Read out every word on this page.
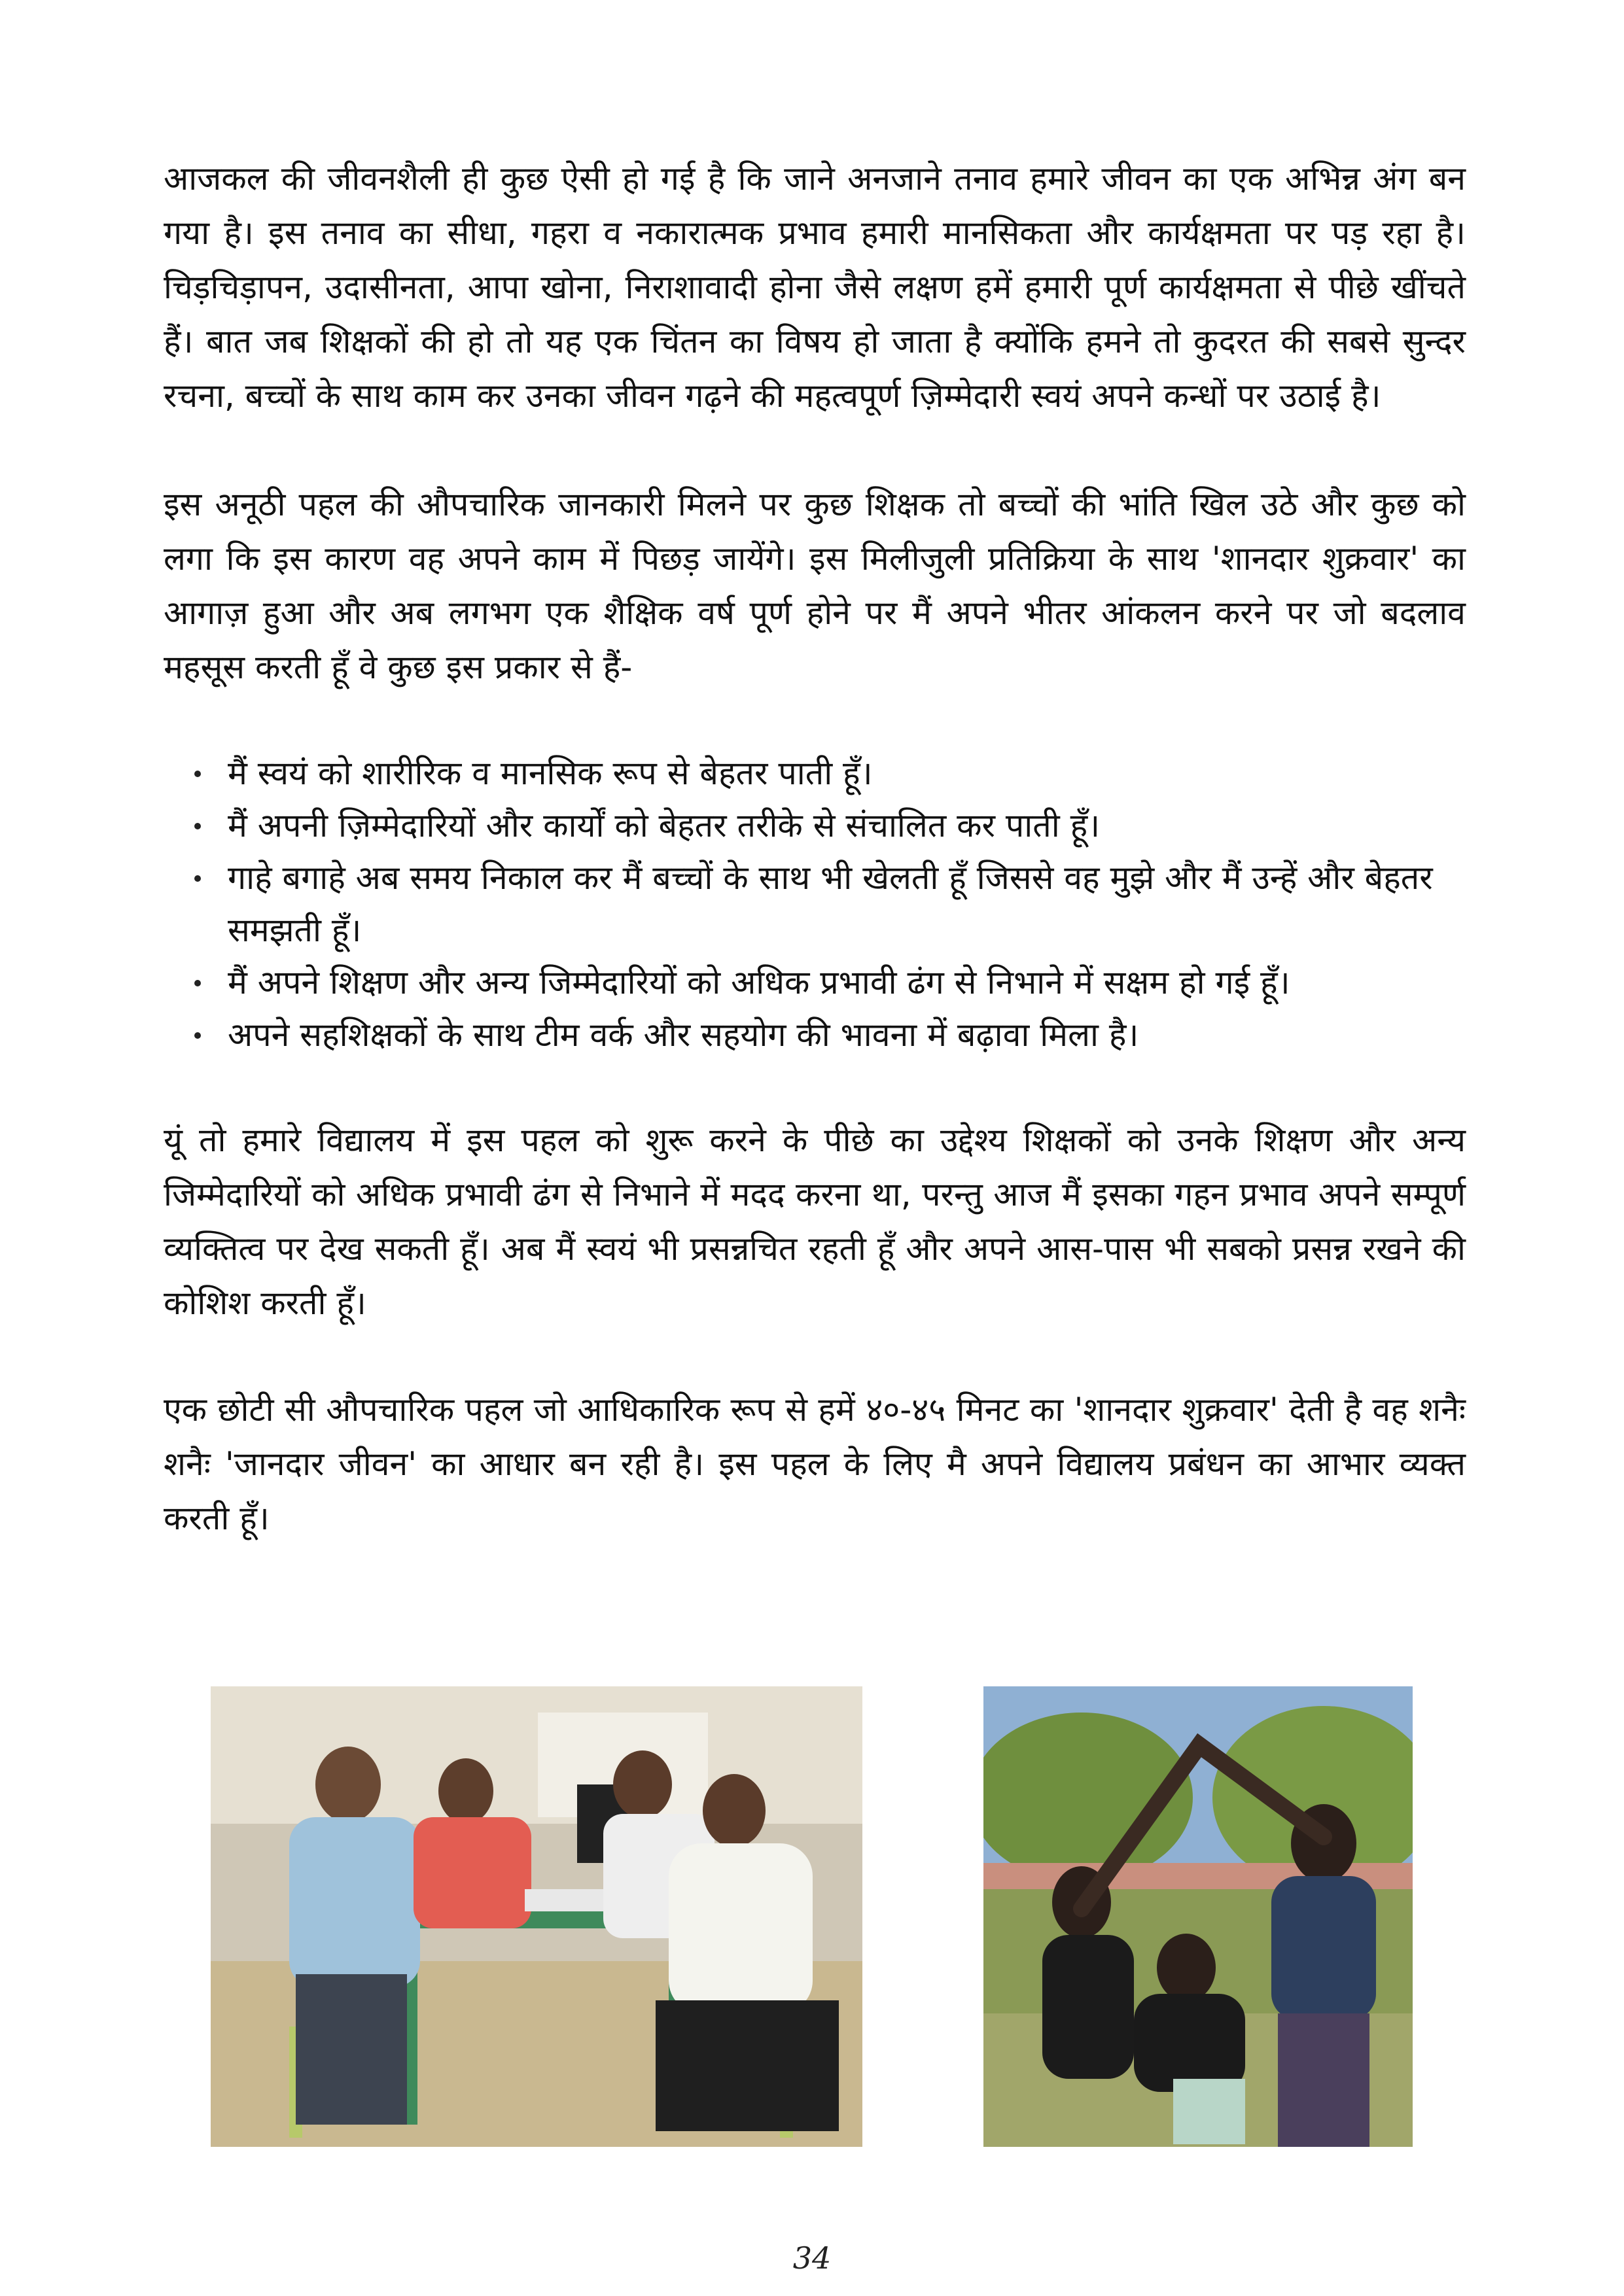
आजकल की जीवनशैली ही कुछ ऐसी हो गई है कि जाने अनजाने तनाव हमारे जीवन का एक अभिन्न अंग बन गया है। इस तनाव का सीधा, गहरा व नकारात्मक प्रभाव हमारी मानसिकता और कार्यक्षमता पर पड़ रहा है। चिड़चिड़ापन, उदासीनता, आपा खोना, निराशावादी होना जैसे लक्षण हमें हमारी पूर्ण कार्यक्षमता से पीछे खींचते हैं। बात जब शिक्षकों की हो तो यह एक चिंतन का विषय हो जाता है क्योंकि हमने तो कुदरत की सबसे सुन्दर रचना, बच्चों के साथ काम कर उनका जीवन गढ़ने की महत्वपूर्ण ज़िम्मेदारी स्वयं अपने कन्धों पर उठाई है।

इस अनूठी पहल की औपचारिक जानकारी मिलने पर कुछ शिक्षक तो बच्चों की भांति खिल उठे और कुछ को लगा कि इस कारण वह अपने काम में पिछड़ जायेंगे। इस मिलीजुली प्रतिक्रिया के साथ 'शानदार शुक्रवार' का आगाज़ हुआ और अब लगभग एक शैक्षिक वर्ष पूर्ण होने पर मैं अपने भीतर आंकलन करने पर जो बदलाव महसूस करती हूँ वे कुछ इस प्रकार से हैं-

मैं स्वयं को शारीरिक व मानसिक रूप से बेहतर पाती हूँ।
मैं अपनी ज़िम्मेदारियों और कार्यों को बेहतर तरीके से संचालित कर पाती हूँ।
गाहे बगाहे अब समय निकाल कर मैं बच्चों के साथ भी खेलती हूँ जिससे वह मुझे और मैं उन्हें और बेहतर समझती हूँ।
मैं अपने शिक्षण और अन्य जिम्मेदारियों को अधिक प्रभावी ढंग से निभाने में सक्षम हो गई हूँ।
अपने सहशिक्षकों के साथ टीम वर्क और सहयोग की भावना में बढ़ावा मिला है।

यूं तो हमारे विद्यालय में इस पहल को शुरू करने के पीछे का उद्देश्य शिक्षकों को उनके शिक्षण और अन्य जिम्मेदारियों को अधिक प्रभावी ढंग से निभाने में मदद करना था, परन्तु आज मैं इसका गहन प्रभाव अपने सम्पूर्ण व्यक्तित्व पर देख सकती हूँ। अब मैं स्वयं भी प्रसन्नचित रहती हूँ और अपने आस-पास भी सबको प्रसन्न रखने की कोशिश करती हूँ।

एक छोटी सी औपचारिक पहल जो आधिकारिक रूप से हमें ४०-४५ मिनट का 'शानदार शुक्रवार' देती है वह शनैः शनैः 'जानदार जीवन' का आधार बन रही है। इस पहल के लिए मै अपने विद्यालय प्रबंधन का आभार व्यक्त करती हूँ।

34
